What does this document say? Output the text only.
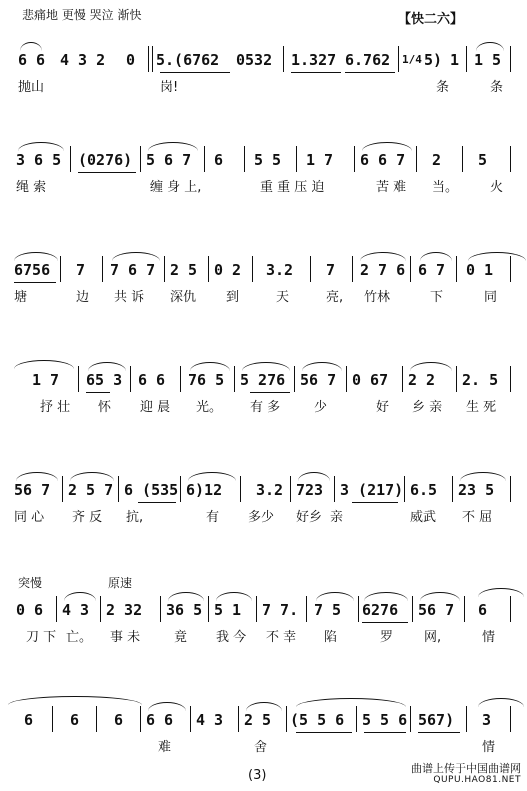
悲痛地 更慢 哭泣 渐快	【快二六】
6 6 4 3 2 0 5.(6762 0532 1.327 6.762 1/4 5) 1 1 5
抛山	岗!	条	条
3 6 5 (0276) 5 6 7 6 5 5 1 7 6 6 7 2 5
绳 索	缠 身 上,	重 重 压 迫	苦 难 当。 火
6756 7 7 6 7 2 5 0 2 3.2 7 2 7 6 6 7 0 1
塘	边 共 诉 深仇 到	天	亮, 竹林	下	同
1 7 65 3 6 6 76 5 5 276 56 7 0 67 2 2 2. 5
抒 壮 怀 迎 晨 光。 有 多	少	好 乡 亲 生 死
56 7 2 5 7 6 (535 6)12 3.2 723 3 (217) 6.5 23 5
同 心 齐 反 抗,	有 多少 好乡 亲	威武 不 屈
突慢	原速
0 6 4 3 2 32 36 5 5 1 7 7. 7 5 6276 56 7 6
刀 下 亡。 事 未	竟 我 今 不 幸 陷	罗 网,	情
6 6 6 6 6 4 3 2 5 (5 5 6 5 5 6 567) 3
难	舍	情
(3)	曲谱上传于中国曲谱网
QUPU.HAO81.NET
